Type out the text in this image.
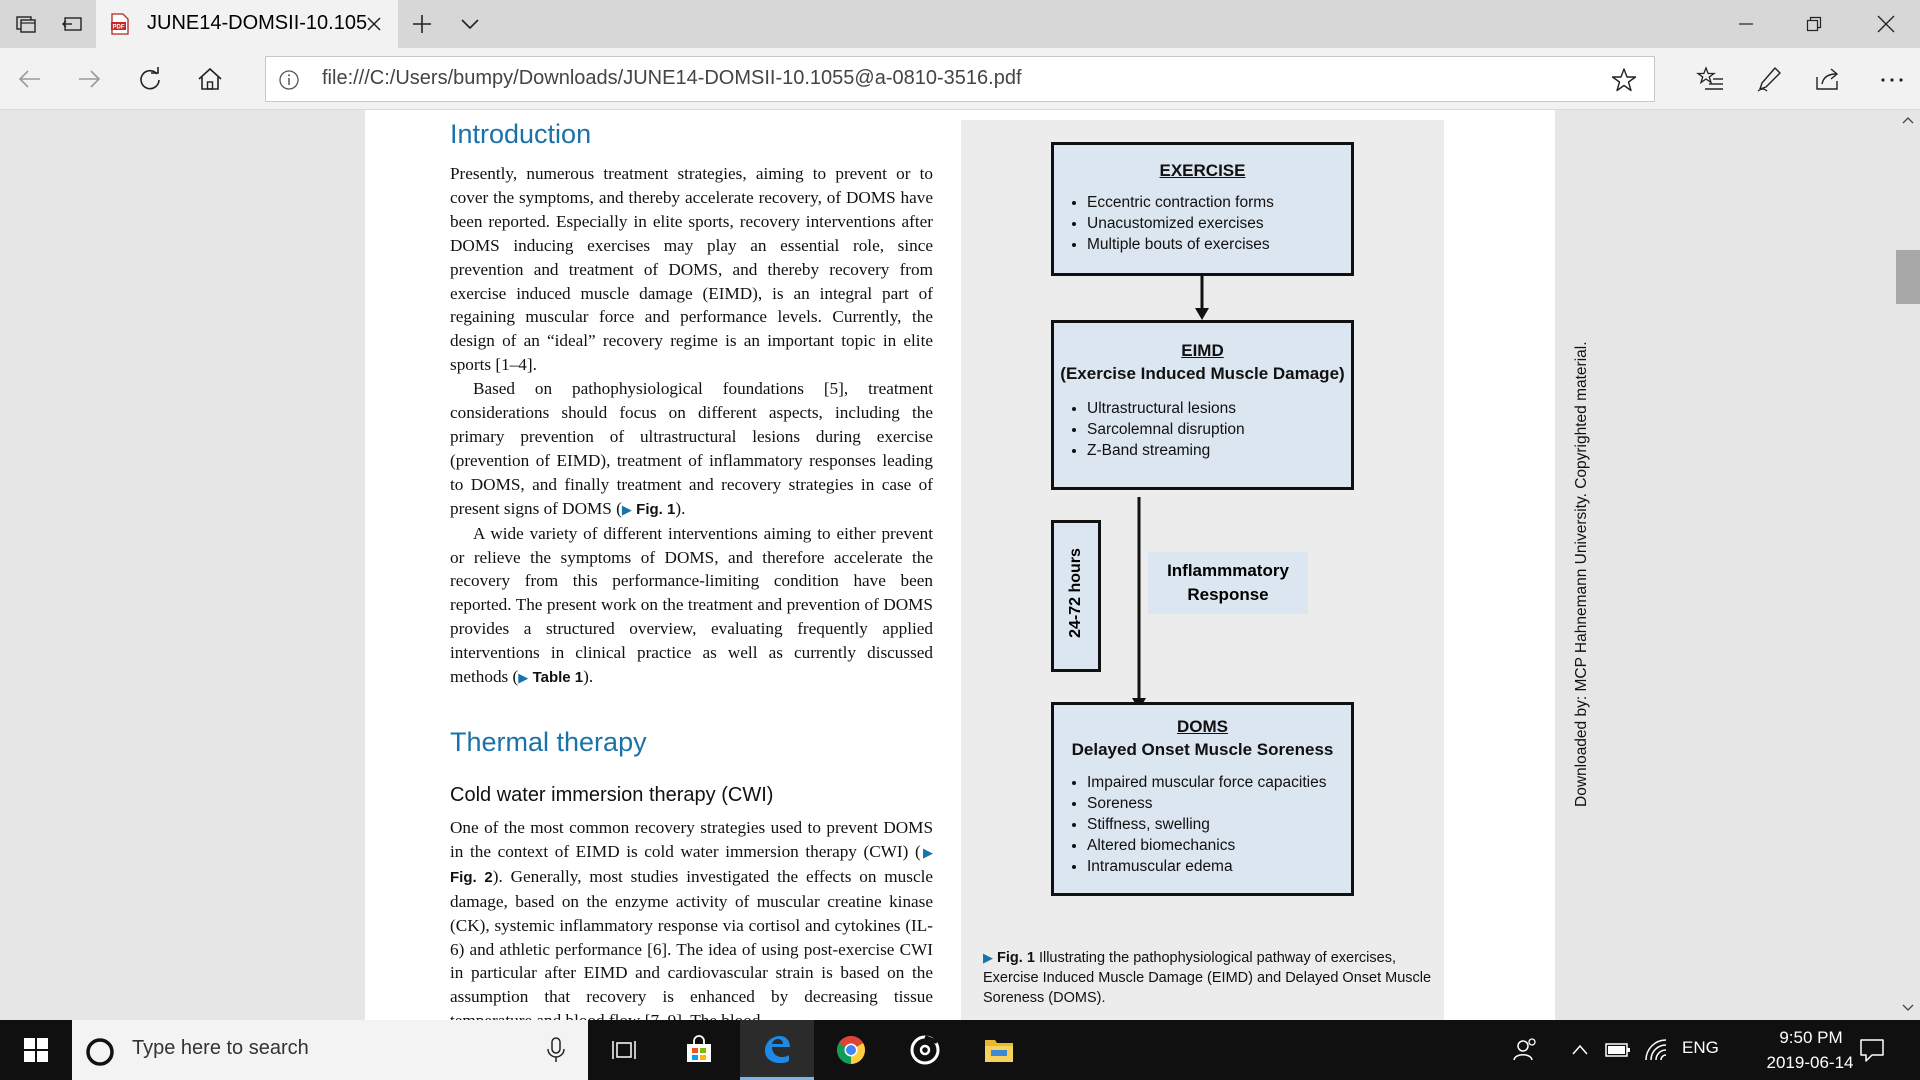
PDF JUNE14-DOMSII-10.105
file:///C:/Users/bumpy/Downloads/JUNE14-DOMSII-10.1055@a-0810-3516.pdf
Introduction

Presently, numerous treatment strategies, aiming to prevent or to cover the symptoms, and thereby accelerate recovery, of DOMS have been reported. Especially in elite sports, recovery interventions after DOMS inducing exercises may play an essential role, since prevention and treatment of DOMS, and thereby recovery from exercise induced muscle damage (EIMD), is an integral part of regaining muscular force and performance levels. Currently, the design of an “ideal” recovery regime is an important topic in elite sports [1–4].

Based on pathophysiological foundations [5], treatment considerations should focus on different aspects, including the primary prevention of ultrastructural lesions during exercise (prevention of EIMD), treatment of inflammatory responses leading to DOMS, and finally treatment and recovery strategies in case of present signs of DOMS (▶ Fig. 1).

A wide variety of different interventions aiming to either prevent or relieve the symptoms of DOMS, and therefore accelerate the recovery from this performance-limiting condition have been reported. The present work on the treatment and prevention of DOMS provides a structured overview, evaluating frequently applied interventions in clinical practice as well as currently discussed methods (▶ Table 1).

Thermal therapy
Cold water immersion therapy (CWI)

One of the most common recovery strategies used to prevent DOMS in the context of EIMD is cold water immersion therapy (CWI) (▶ Fig. 2). Generally, most studies investigated the effects on muscle damage, based on the enzyme activity of muscular creatine kinase (CK), systemic inflammatory response via cortisol and cytokines (IL-6) and athletic performance [6]. The idea of using post-exercise CWI in particular after EIMD and cardiovascular strain is based on the assumption that recovery is enhanced by decreasing tissue

EXERCISE
• Eccentric contraction forms
• Unacustomized exercises
• Multiple bouts of exercises
EIMD
(Exercise Induced Muscle Damage)
• Ultrastructural lesions
• Sarcolemnal disruption
• Z-Band streaming
24-72 hours	Inflammmatory
Response
DOMS
Delayed Onset Muscle Soreness
• Impaired muscular force capacities
• Soreness
• Stiffness, swelling
• Altered biomechanics
• Intramuscular edema
▶ Fig. 1 Illustrating the pathophysiological pathway of exercises, Exercise Induced Muscle Damage (EIMD) and Delayed Onset Muscle Soreness (DOMS).
Downloaded by: MCP Hahnemann University. Copyrighted material.
Type here to search	ENG
9:50 PM
2019-06-14
